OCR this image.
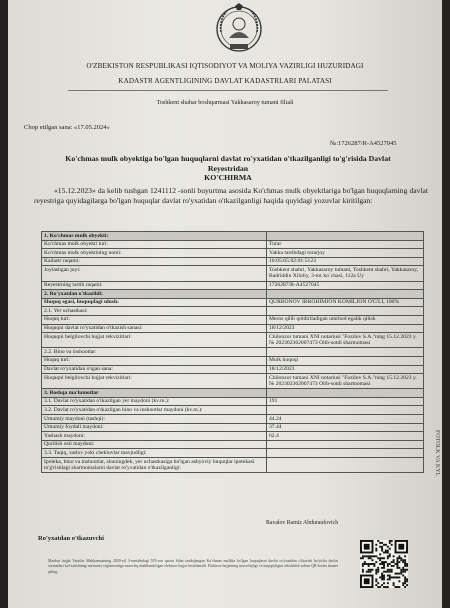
O'ZBEKISTON RESPUBLIKASI IQTISODIYOT VA MOLIYA VAZIRLIGI HUZURIDAGI
KADASTR AGENTLIGINING DAVLAT KADASTRLARI PALATASI
Toshkent shahar boshqarmasi Yakkasaroy tumani filiali
Chop etilgan sana: «17.05.2024»
№:1726287/R-A4527045
Ko'chmas mulk obyektiga bo'lgan huquqlarni davlat ro'yxatidan o'tkazilganligi to'g'risida Davlat
Reyestridan
KO'CHIRMA
«15.12.2023» da kelib tushgan 1241112 -sonli buyurtma asosida Ko'chmas mulk obyektlariga bo'lgan huquqlarning davlat reyestriga quyidagilarga bo'lgan huquqlar davlat ro'yxatidan o'tkazilganligi haqida quyidagi yozuvlar kiritilgan:
1. Ko'chmas mulk obyekti:	
Ko'chmas mulk obyekti turi:	Turar
Ko'chmas mulk obyektining nomi:	Yakka tartibdagi turarjoy
Kadastr raqami:	10:05:05:02:01:5123
Joylashgan joyi:	Toshkent shahri, Yakkasaroy tumani, Toshkent shahri, Yakkasaroy, Badriddin Xiloliy, 3-tor ko`chasi, 112a Uy
Reyestrning tartib raqami:	1726287/R-A4527045
2. Ro'yxatdan o'tkazildi:	
Huquq egasi, huquqdagi ulush:	QURBONOV IBROHIMJON KOMILJON O'G'LI, 100%
2.1. Yer uchastkasi:	
Huquq turi:	Meros qilib qoldiriladigan umrbod egalik qilish
Huquqni davlat ro'yxatidan o'tkazish sanasi:	18/12/2023
Huquqni belgilovchi hujjat rekvizitlari:	Chilonzor tumani XNI notariusi "Fozilov S.A."ning 15.12.2023 y. № 20230236200747З Olib-sotdi shartnomasi
2.2. Bino va inshootlar:	
Huquq turi:	Mulk huquqi
Davlat ro'yxatidan o'tgan sana:	18/12/2023
Huquqni belgilovchi hujjat rekvizitlari:	Chilonzor tumani XNI notariusi "Fozilov S.A."ning 15.12.2023 y. № 20230236200747З Olib-sotdi shartnomasi
3. Boshqa ma'lumotlar	
3.1. Davlat ro'yxatidan o'tkazilgan yer maydoni (kv.m.):	191
3.2. Davlat ro'yxatidan o'tkazilgan bino va inshootlar maydoni (kv.m.):	
Umumiy maydoni (tashqi):	44.24
Umumiy foydali maydoni:	37.44
Yashash maydoni:	62.4
Qurilish osti maydoni:	
3.3. Taqiq, xatlov yoki cheklovlar mavjudligi:	
Ipoteka, bino va inshootlar, shuningdek, yer uchastkasiga bo'lgan ashyoviy huquqlar ipotekasi to'g'risidagi shartnomalarni davlat ro'yxatidan o'tkazilganligi:	
Ro'yxatdan o'tkazuvchi
Ravalov Ramiz Abduraufovich
Mazkur hujjat Vazirlar Mahkamasining 2020-yil 3-sentabrdagi 535-son qarori bilan tasdiqlangan Ko'chmas mulkka bo'lgan huquqlarni davlat ro'yxatidan o'tkazish bo'yicha davlat xizmatlari ko'rsatishning ma'muriy reglamentiga muvofiq shakllantirilgan elektron hujjat hisoblanadi. Elektron hujjatning muvofiqligi va haqiqiyligini tekshirish uchun QR-kodni skaner qiling.
FOTOLK VA KYL
